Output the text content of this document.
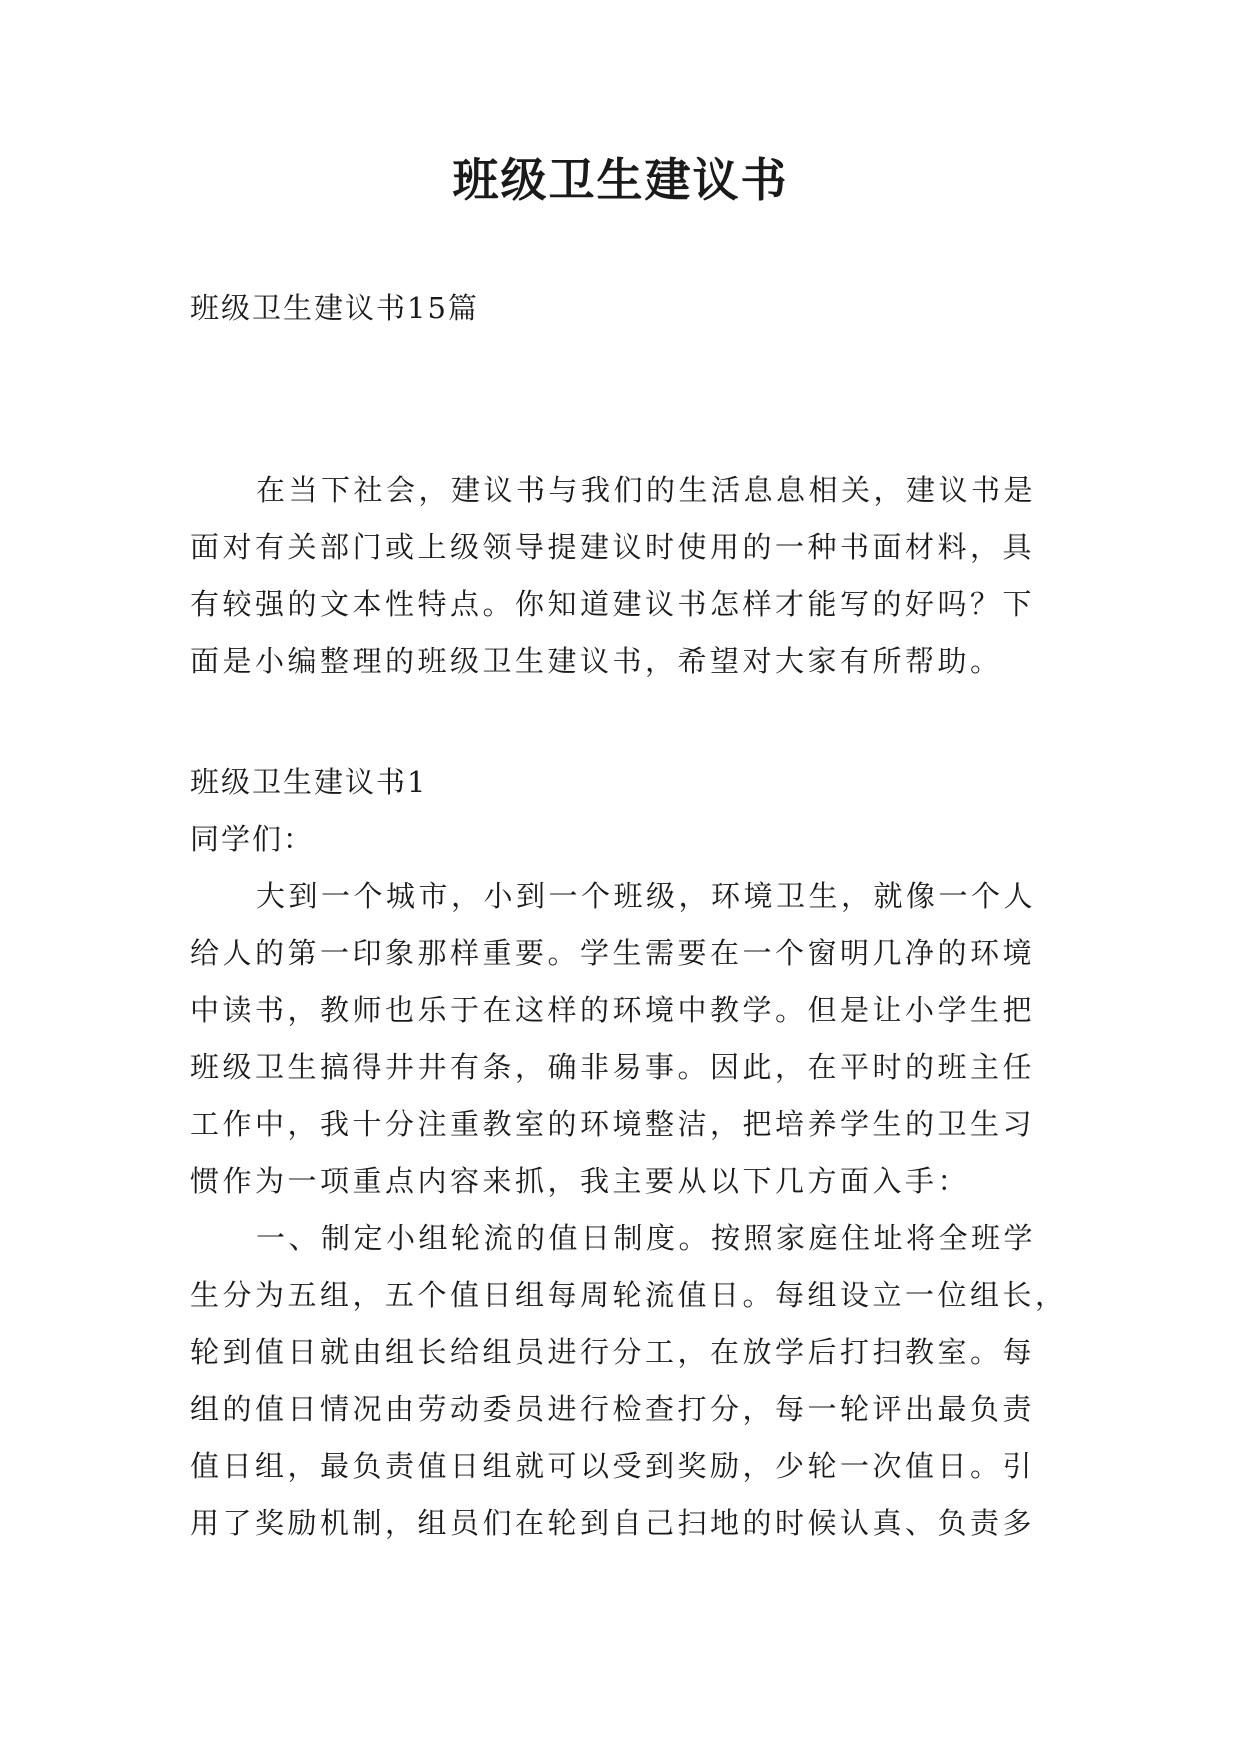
班级卫生建议书
班级卫生建议书15篇
在当下社会，建议书与我们的生活息息相关，建议书是
面对有关部门或上级领导提建议时使用的一种书面材料，具
有较强的文本性特点。你知道建议书怎样才能写的好吗？下
面是小编整理的班级卫生建议书，希望对大家有所帮助。
班级卫生建议书1
同学们：
大到一个城市，小到一个班级，环境卫生，就像一个人
给人的第一印象那样重要。学生需要在一个窗明几净的环境
中读书，教师也乐于在这样的环境中教学。但是让小学生把
班级卫生搞得井井有条，确非易事。因此，在平时的班主任
工作中，我十分注重教室的环境整洁，把培养学生的卫生习
惯作为一项重点内容来抓，我主要从以下几方面入手：
一、制定小组轮流的值日制度。按照家庭住址将全班学
生分为五组，五个值日组每周轮流值日。每组设立一位组长，
轮到值日就由组长给组员进行分工，在放学后打扫教室。每
组的值日情况由劳动委员进行检查打分，每一轮评出最负责
值日组，最负责值日组就可以受到奖励，少轮一次值日。引
用了奖励机制，组员们在轮到自己扫地的时候认真、负责多
